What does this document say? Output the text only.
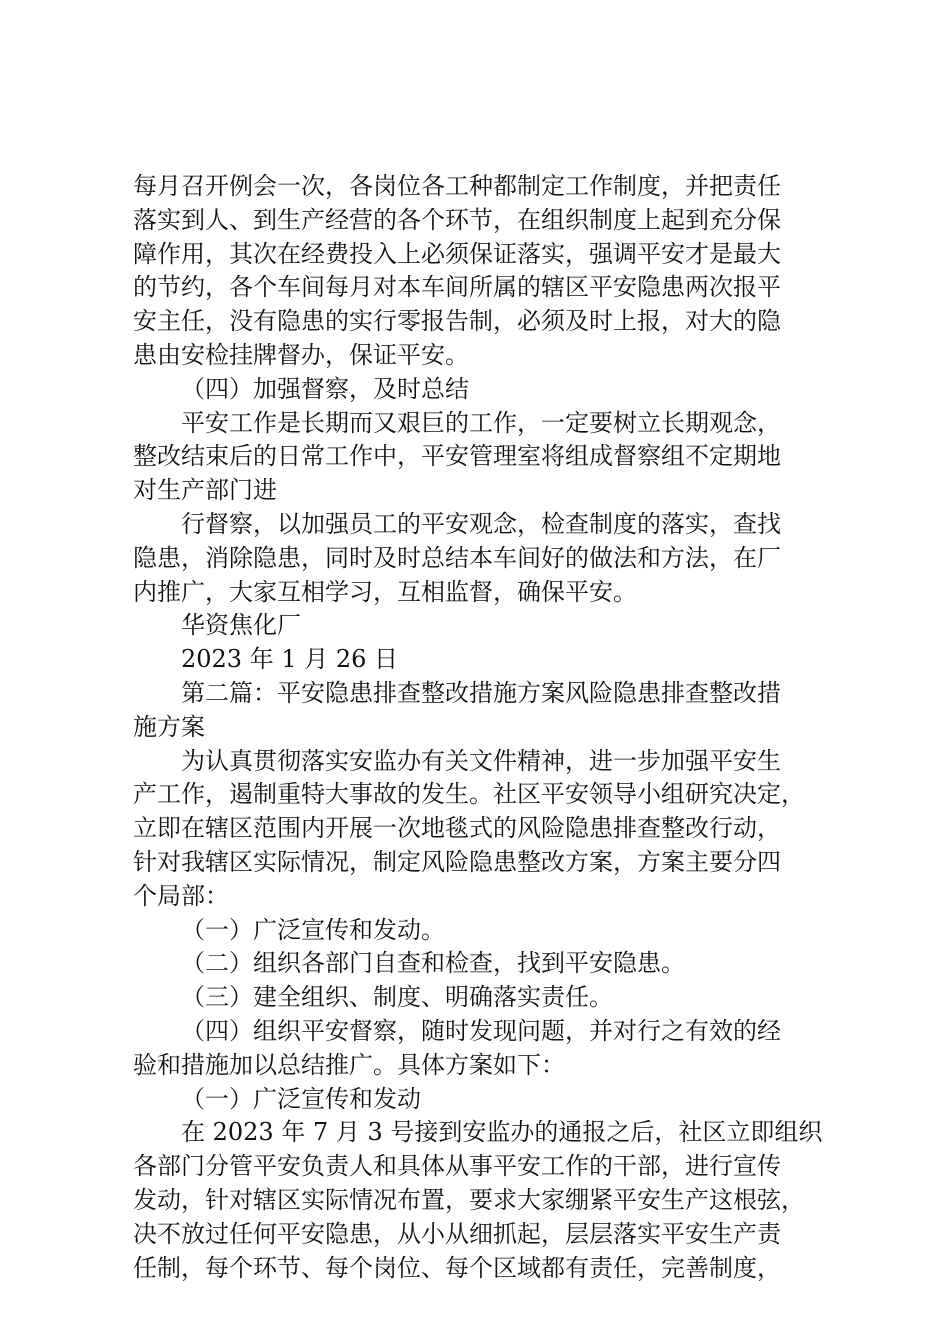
每月召开例会一次，各岗位各工种都制定工作制度，并把责任
落实到人、到生产经营的各个环节，在组织制度上起到充分保
障作用，其次在经费投入上必须保证落实，强调平安才是最大
的节约，各个车间每月对本车间所属的辖区平安隐患两次报平
安主任，没有隐患的实行零报告制，必须及时上报，对大的隐
患由安检挂牌督办，保证平安。
（四）加强督察，及时总结
平安工作是长期而又艰巨的工作，一定要树立长期观念，
整改结束后的日常工作中，平安管理室将组成督察组不定期地
对生产部门进
行督察，以加强员工的平安观念，检查制度的落实，查找
隐患，消除隐患，同时及时总结本车间好的做法和方法，在厂
内推广，大家互相学习，互相监督，确保平安。
华资焦化厂
2023 年 1 月 26 日
第二篇：平安隐患排查整改措施方案风险隐患排查整改措
施方案
为认真贯彻落实安监办有关文件精神，进一步加强平安生
产工作，遏制重特大事故的发生。社区平安领导小组研究决定，
立即在辖区范围内开展一次地毯式的风险隐患排查整改行动，
针对我辖区实际情况，制定风险隐患整改方案，方案主要分四
个局部：
（一）广泛宣传和发动。
（二）组织各部门自查和检查，找到平安隐患。
（三）建全组织、制度、明确落实责任。
（四）组织平安督察，随时发现问题，并对行之有效的经
验和措施加以总结推广。具体方案如下：
（一）广泛宣传和发动
在 2023 年 7 月 3 号接到安监办的通报之后，社区立即组织
各部门分管平安负责人和具体从事平安工作的干部，进行宣传
发动，针对辖区实际情况布置，要求大家绷紧平安生产这根弦，
决不放过任何平安隐患，从小从细抓起，层层落实平安生产责
任制，每个环节、每个岗位、每个区域都有责任，完善制度，
